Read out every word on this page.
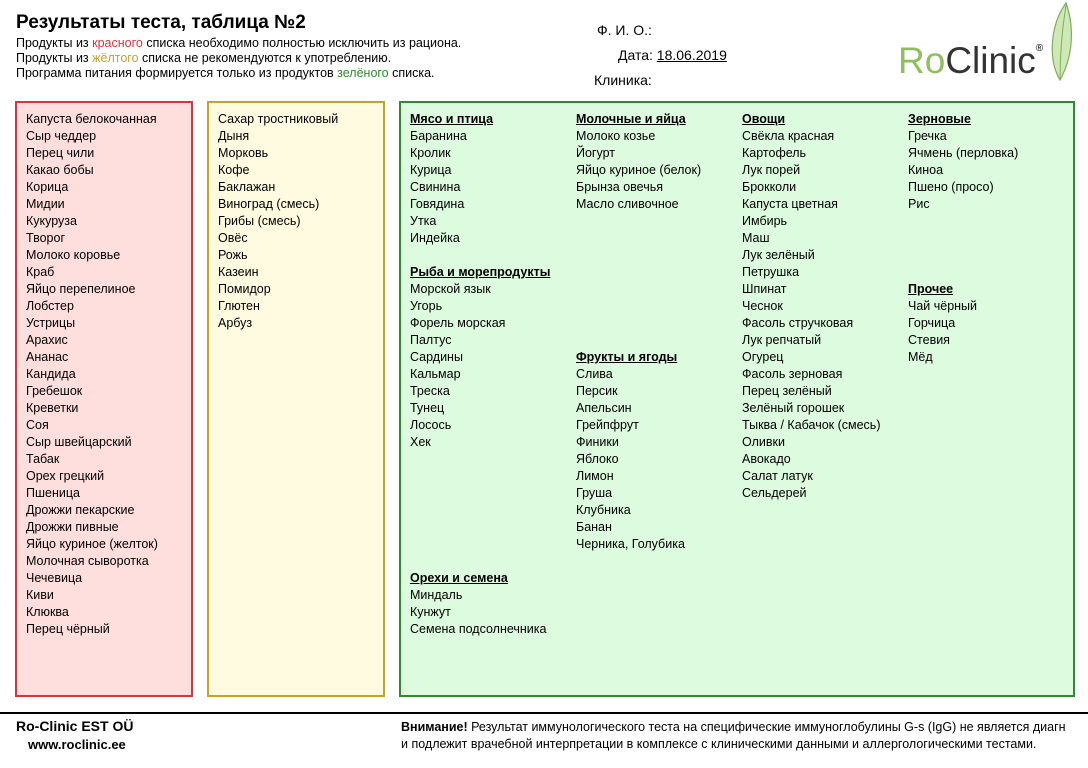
Результаты теста, таблица №2
Продукты из красного списка необходимо полностью исключить из рациона.
Продукты из жёлтого списка не рекомендуются к употреблению.
Программа питания формируется только из продуктов зелёного списка.
Ф. И. О.:
Дата: 18.06.2019
Клиника:	RoClinic®
Капуста белокочанная
Сыр чеддер
Перец чили
Какао бобы
Корица
Мидии
Кукуруза
Творог
Молоко коровье
Краб
Яйцо перепелиное
Лобстер
Устрицы
Арахис
Ананас
Кандида
Гребешок
Креветки
Соя
Сыр швейцарский
Табак
Орех грецкий
Пшеница
Дрожжи пекарские
Дрожжи пивные
Яйцо куриное (желток)
Молочная сыворотка
Чечевица
Киви
Клюква
Перец чёрный
Сахар тростниковый
Дыня
Морковь
Кофе
Баклажан
Виноград (смесь)
Грибы (смесь)
Овёс
Рожь
Казеин
Помидор
Глютен
Арбуз
Мясо и птица
Баранина
Кролик
Курица
Свинина
Говядина
Утка
Индейка
Рыба и морепродукты
Морской язык
Угорь
Форель морская
Палтус
Сардины
Кальмар
Треска
Тунец
Лосось
Хек
Орехи и семена
Миндаль
Кунжут
Семена подсолнечника
Молочные и яйца
Молоко козье
Йогурт
Яйцо куриное (белок)
Брынза овечья
Масло сливочное
Фрукты и ягоды
Слива
Персик
Апельсин
Грейпфрут
Финики
Яблоко
Лимон
Груша
Клубника
Банан
Черника, Голубика
Овощи
Свёкла красная
Картофель
Лук порей
Брокколи
Капуста цветная
Имбирь
Маш
Лук зелёный
Петрушка
Шпинат
Чеснок
Фасоль стручковая
Лук репчатый
Огурец
Фасоль зерновая
Перец зелёный
Зелёный горошек
Тыква / Кабачок (смесь)
Оливки
Авокадо
Салат латук
Сельдерей
Зерновые
Гречка
Ячмень (перловка)
Киноа
Пшено (просо)
Рис
Прочее
Чай чёрный
Горчица
Стевия
Мёд
Ro-Clinic EST OÜ
www.roclinic.ee
Внимание! Результат иммунологического теста на специфические иммуноглобулины G-s (IgG) не является диагн
и подлежит врачебной интерпретации в комплексе с клиническими данными и аллергологическими тестами.
